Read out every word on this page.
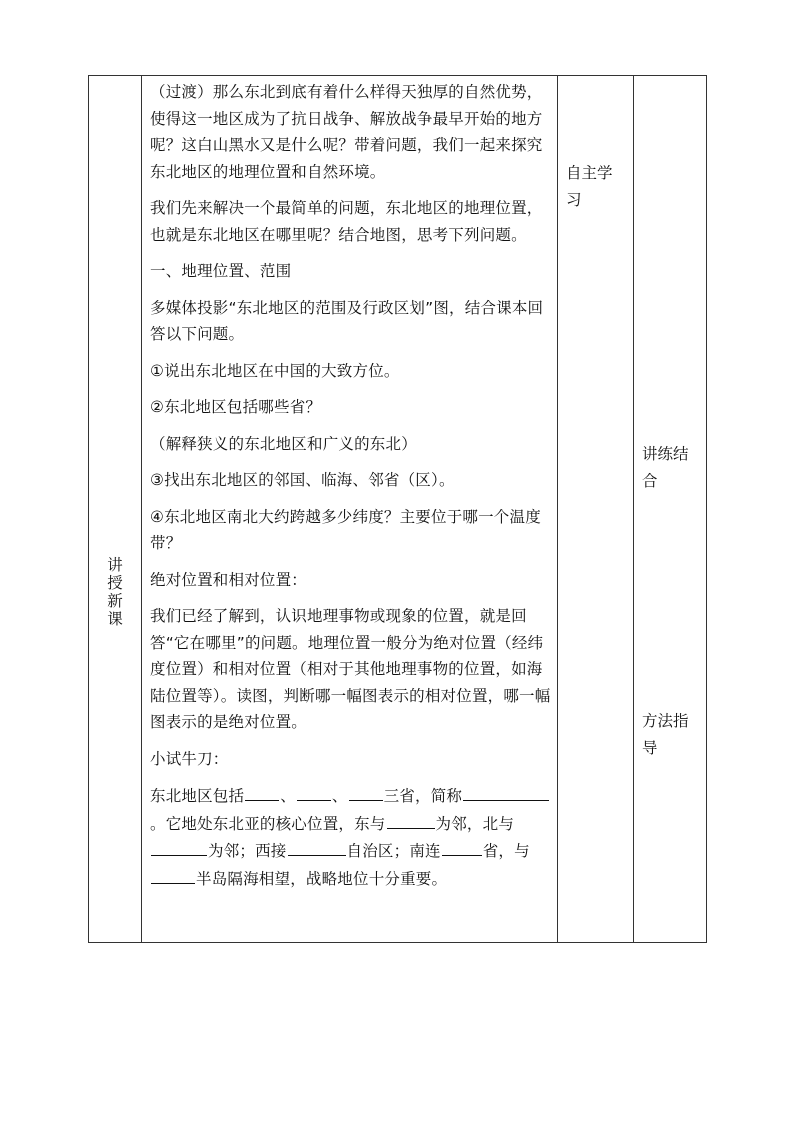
讲授新课

（过渡）那么东北到底有着什么样得天独厚的自然优势，使得这一地区成为了抗日战争、解放战争最早开始的地方呢？这白山黑水又是什么呢？带着问题，我们一起来探究东北地区的地理位置和自然环境。

我们先来解决一个最简单的问题，东北地区的地理位置，也就是东北地区在哪里呢？结合地图，思考下列问题。

一、地理位置、范围

多媒体投影“东北地区的范围及行政区划”图，结合课本回答以下问题。

①说出东北地区在中国的大致方位。

②东北地区包括哪些省？

（解释狭义的东北地区和广义的东北）

③找出东北地区的邻国、临海、邻省（区）。

④东北地区南北大约跨越多少纬度？主要位于哪一个温度带？

绝对位置和相对位置：

我们已经了解到，认识地理事物或现象的位置，就是回答“它在哪里”的问题。地理位置一般分为绝对位置（经纬度位置）和相对位置（相对于其他地理事物的位置，如海陆位置等）。读图，判断哪一幅图表示的相对位置，哪一幅图表示的是绝对位置。

小试牛刀：

东北地区包括 、 、 三省，简称。它地处东北亚的核心位置，东与	为邻，北与为邻；西接	自治区；南连	省，与半岛隔海相望，战略地位十分重要。

自主学习
讲练结合
方法指导
